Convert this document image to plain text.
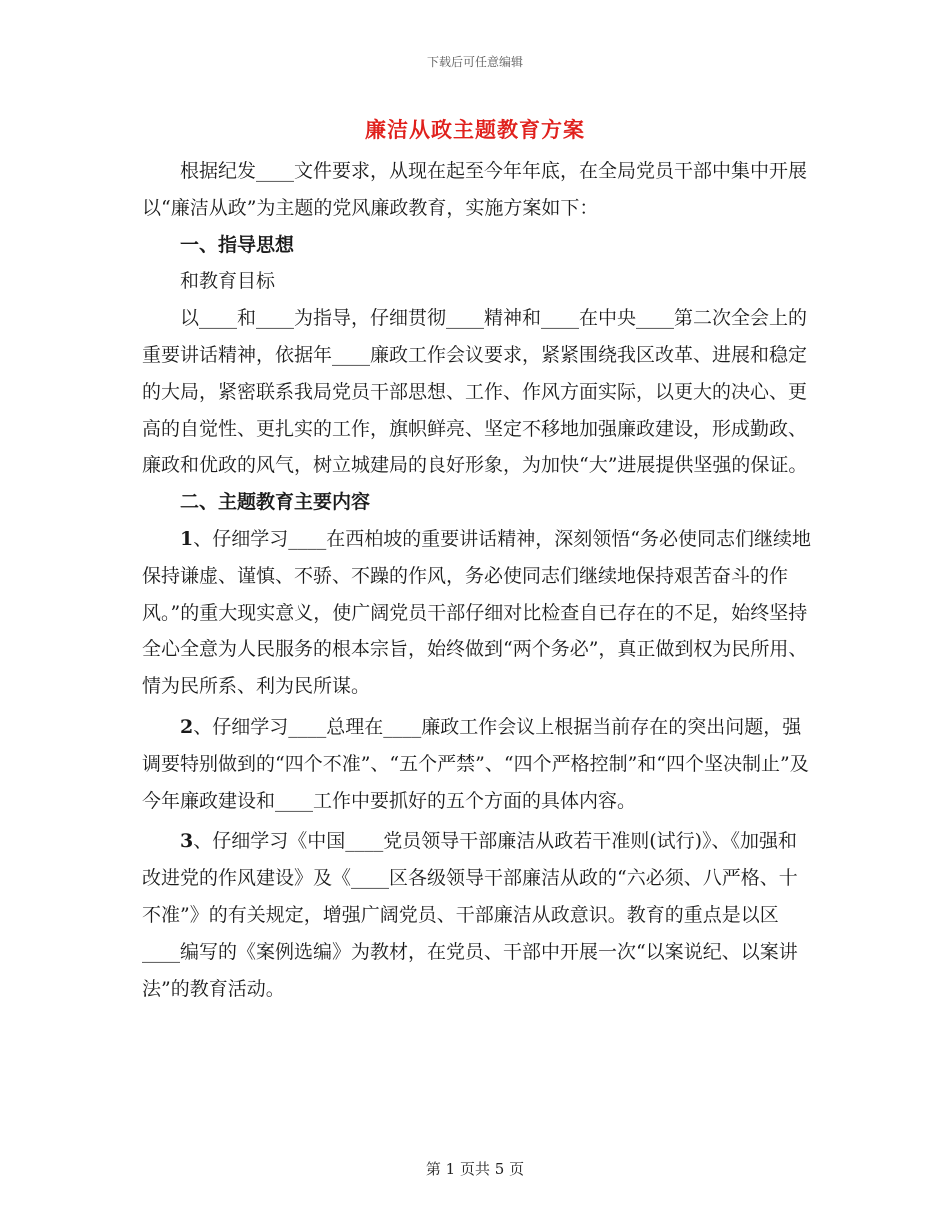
下载后可任意编辑
廉洁从政主题教育方案

根据纪发____文件要求，从现在起至今年年底，在全局党员干部中集中开展以“廉洁从政”为主题的党风廉政教育，实施方案如下：

一、指导思想

和教育目标

以____和____为指导，仔细贯彻____精神和____在中央____第二次全会上的重要讲话精神，依据年____廉政工作会议要求，紧紧围绕我区改革、进展和稳定的大局，紧密联系我局党员干部思想、工作、作风方面实际，以更大的决心、更高的自觉性、更扎实的工作，旗帜鲜亮、坚定不移地加强廉政建设，形成勤政、廉政和优政的风气，树立城建局的良好形象，为加快“大”进展提供坚强的保证。

二、主题教育主要内容

1、仔细学习____在西柏坡的重要讲话精神，深刻领悟“务必使同志们继续地保持谦虚、谨慎、不骄、不躁的作风，务必使同志们继续地保持艰苦奋斗的作风。”的重大现实意义，使广阔党员干部仔细对比检查自已存在的不足，始终坚持全心全意为人民服务的根本宗旨，始终做到“两个务必”，真正做到权为民所用、情为民所系、利为民所谋。

2、仔细学习____总理在____廉政工作会议上根据当前存在的突出问题，强调要特别做到的“四个不准”、“五个严禁”、“四个严格控制”和“四个坚决制止”及今年廉政建设和____工作中要抓好的五个方面的具体内容。

3、仔细学习《中国____党员领导干部廉洁从政若干准则(试行)》、《加强和改进党的作风建设》及《____区各级领导干部廉洁从政的“六必须、八严格、十不准”》的有关规定，增强广阔党员、干部廉洁从政意识。教育的重点是以区____编写的《案例选编》为教材，在党员、干部中开展一次“以案说纪、以案讲法”的教育活动。

第 1 页共 5 页
